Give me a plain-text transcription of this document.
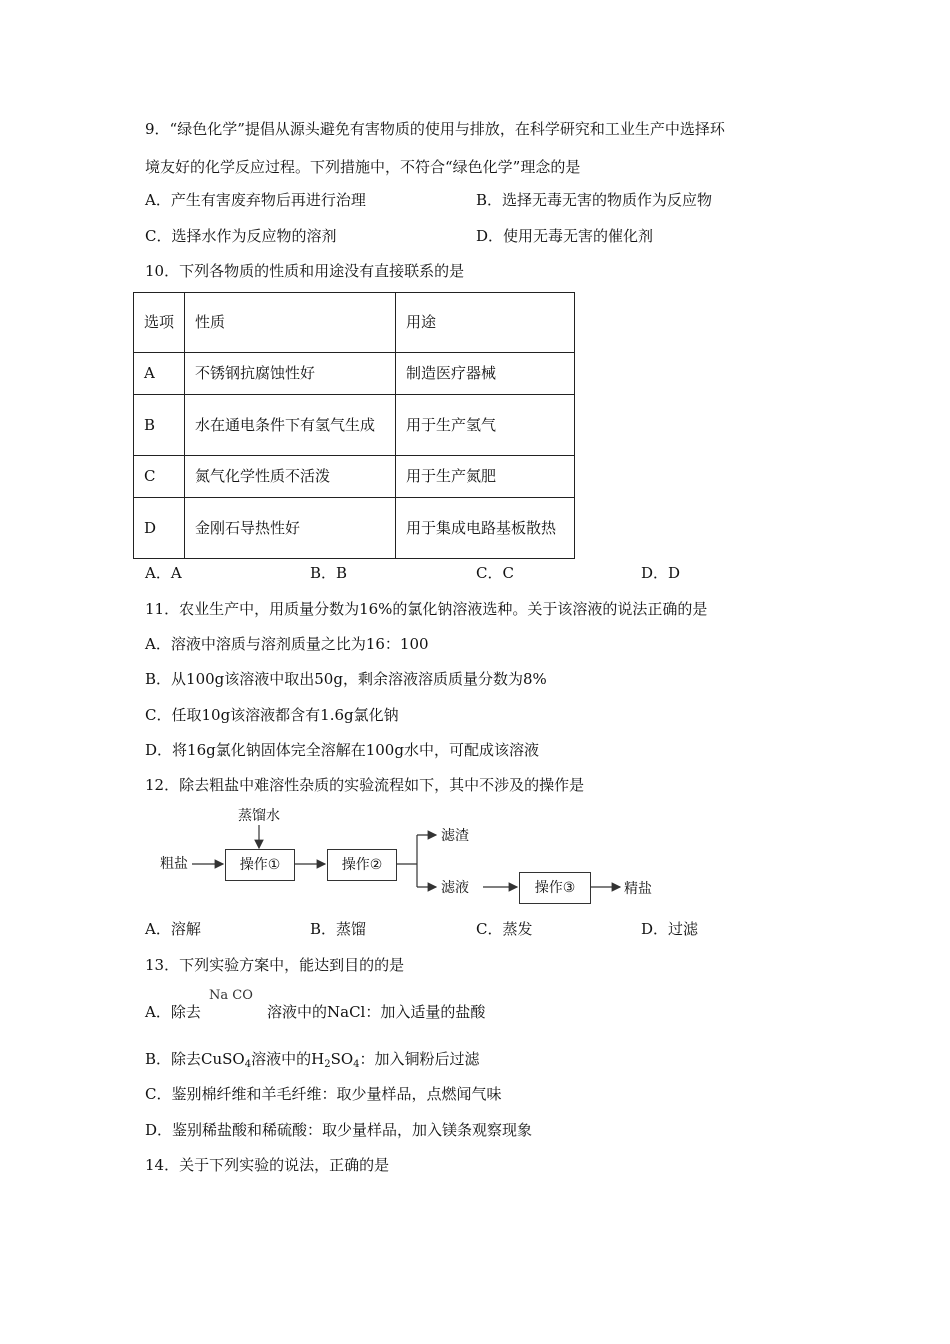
9．“绿色化学”提倡从源头避免有害物质的使用与排放，在科学研究和工业生产中选择环
境友好的化学反应过程。下列措施中，不符合“绿色化学”理念的是
A．产生有害废弃物后再进行治理	B．选择无毒无害的物质作为反应物
C．选择水作为反应物的溶剂	D．使用无毒无害的催化剂
10．下列各物质的性质和用途没有直接联系的是
选项	性质	用途
A	不锈钢抗腐蚀性好	制造医疗器械
B	水在通电条件下有氢气生成	用于生产氢气
C	氮气化学性质不活泼	用于生产氮肥
D	金刚石导热性好	用于集成电路基板散热
A．A	B．B	C．C	D．D
11．农业生产中，用质量分数为16%的氯化钠溶液选种。关于该溶液的说法正确的是
A．溶液中溶质与溶剂质量之比为16：100
B．从100g该溶液中取出50g，剩余溶液溶质质量分数为8%
C．任取10g该溶液都含有1.6g氯化钠
D．将16g氯化钠固体完全溶解在100g水中，可配成该溶液
12．除去粗盐中难溶性杂质的实验流程如下，其中不涉及的操作是
蒸馏水
粗盐	操作①	操作②
滤渣
滤液	操作③	精盐
A．溶解	B．蒸馏	C．蒸发	D．过滤
13．下列实验方案中，能达到目的的是
A．除去
Na CO
溶液中的NaCl：加入适量的盐酸
B．除去CuSO$_4$溶液中的$H_2SO_4$：加入铜粉后过滤
C．鉴别棉纤维和羊毛纤维：取少量样品，点燃闻气味
D．鉴别稀盐酸和稀硫酸：取少量样品，加入镁条观察现象
14．关于下列实验的说法，正确的是
